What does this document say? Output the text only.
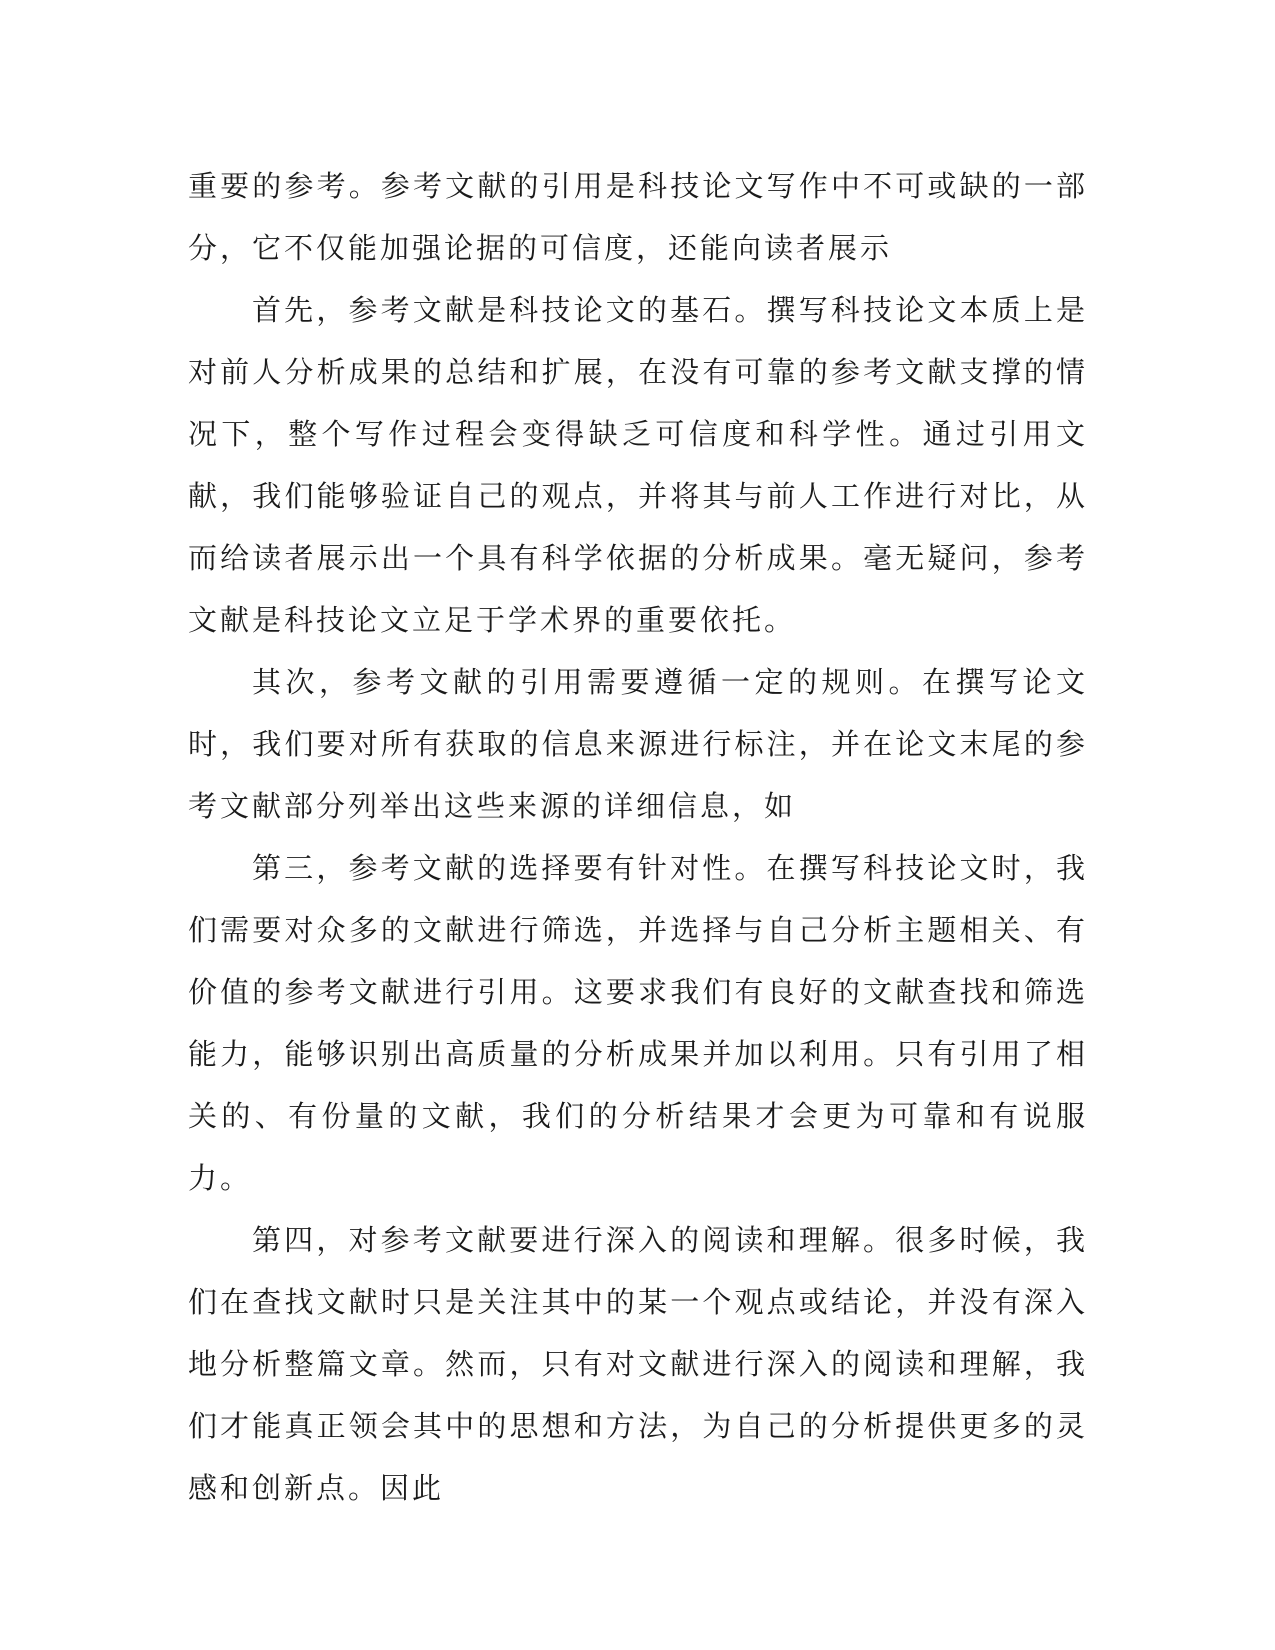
重要的参考。参考文献的引用是科技论文写作中不可或缺的一部分，它不仅能加强论据的可信度，还能向读者展示

首先，参考文献是科技论文的基石。撰写科技论文本质上是对前人分析成果的总结和扩展，在没有可靠的参考文献支撑的情况下，整个写作过程会变得缺乏可信度和科学性。通过引用文献，我们能够验证自己的观点，并将其与前人工作进行对比，从而给读者展示出一个具有科学依据的分析成果。毫无疑问，参考文献是科技论文立足于学术界的重要依托。

其次，参考文献的引用需要遵循一定的规则。在撰写论文时，我们要对所有获取的信息来源进行标注，并在论文末尾的参考文献部分列举出这些来源的详细信息，如

第三，参考文献的选择要有针对性。在撰写科技论文时，我们需要对众多的文献进行筛选，并选择与自己分析主题相关、有价值的参考文献进行引用。这要求我们有良好的文献查找和筛选能力，能够识别出高质量的分析成果并加以利用。只有引用了相关的、有份量的文献，我们的分析结果才会更为可靠和有说服力。

第四，对参考文献要进行深入的阅读和理解。很多时候，我们在查找文献时只是关注其中的某一个观点或结论，并没有深入地分析整篇文章。然而，只有对文献进行深入的阅读和理解，我们才能真正领会其中的思想和方法，为自己的分析提供更多的灵感和创新点。因此
